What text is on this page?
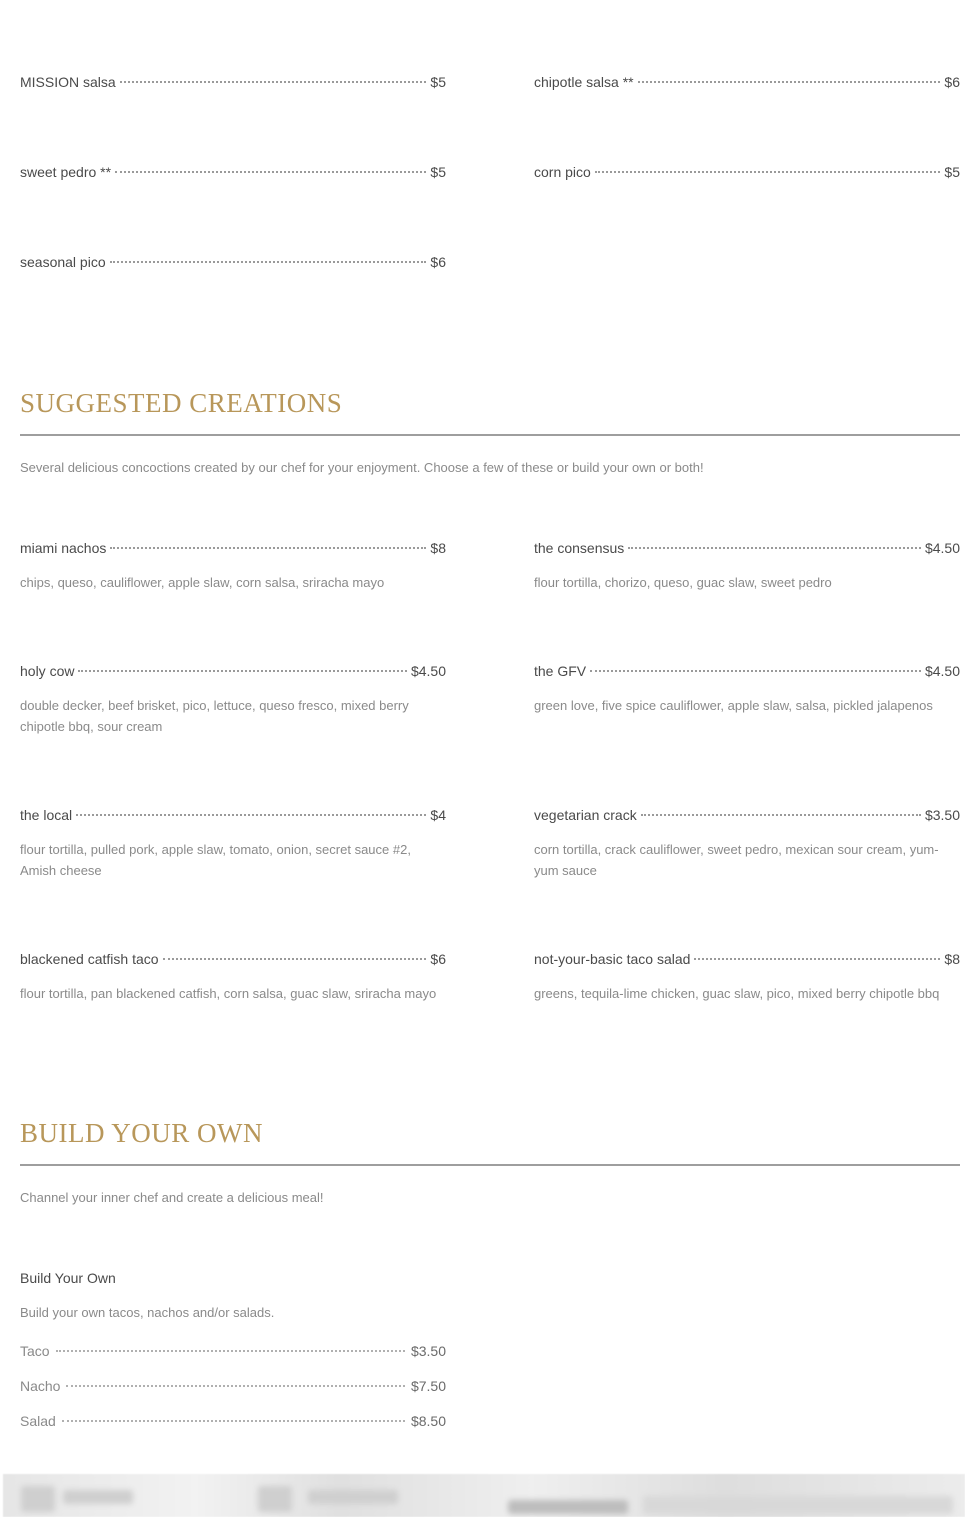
MISSION salsa	$5	chipotle salsa **	$6
sweet pedro **	$5	corn pico	$5
seasonal pico	$6
SUGGESTED CREATIONS
Several delicious concoctions created by our chef for your enjoyment. Choose a few of these or build your own or both!
miami nachos	$8
chips, queso, cauliflower, apple slaw, corn salsa, sriracha mayo
the consensus	$4.50
flour tortilla, chorizo, queso, guac slaw, sweet pedro
holy cow	$4.50
double decker, beef brisket, pico, lettuce, queso fresco, mixed berry chipotle bbq, sour cream
the GFV	$4.50
green love, five spice cauliflower, apple slaw, salsa, pickled jalapenos
the local	$4
flour tortilla, pulled pork, apple slaw, tomato, onion, secret sauce #2, Amish cheese
vegetarian crack	$3.50
corn tortilla, crack cauliflower, sweet pedro, mexican sour cream, yum-yum sauce
blackened catfish taco	$6
flour tortilla, pan blackened catfish, corn salsa, guac slaw, sriracha mayo
not-your-basic taco salad	$8
greens, tequila-lime chicken, guac slaw, pico, mixed berry chipotle bbq
BUILD YOUR OWN
Channel your inner chef and create a delicious meal!
Build Your Own
Build your own tacos, nachos and/or salads.
Taco	$3.50
Nacho	$7.50
Salad	$8.50
